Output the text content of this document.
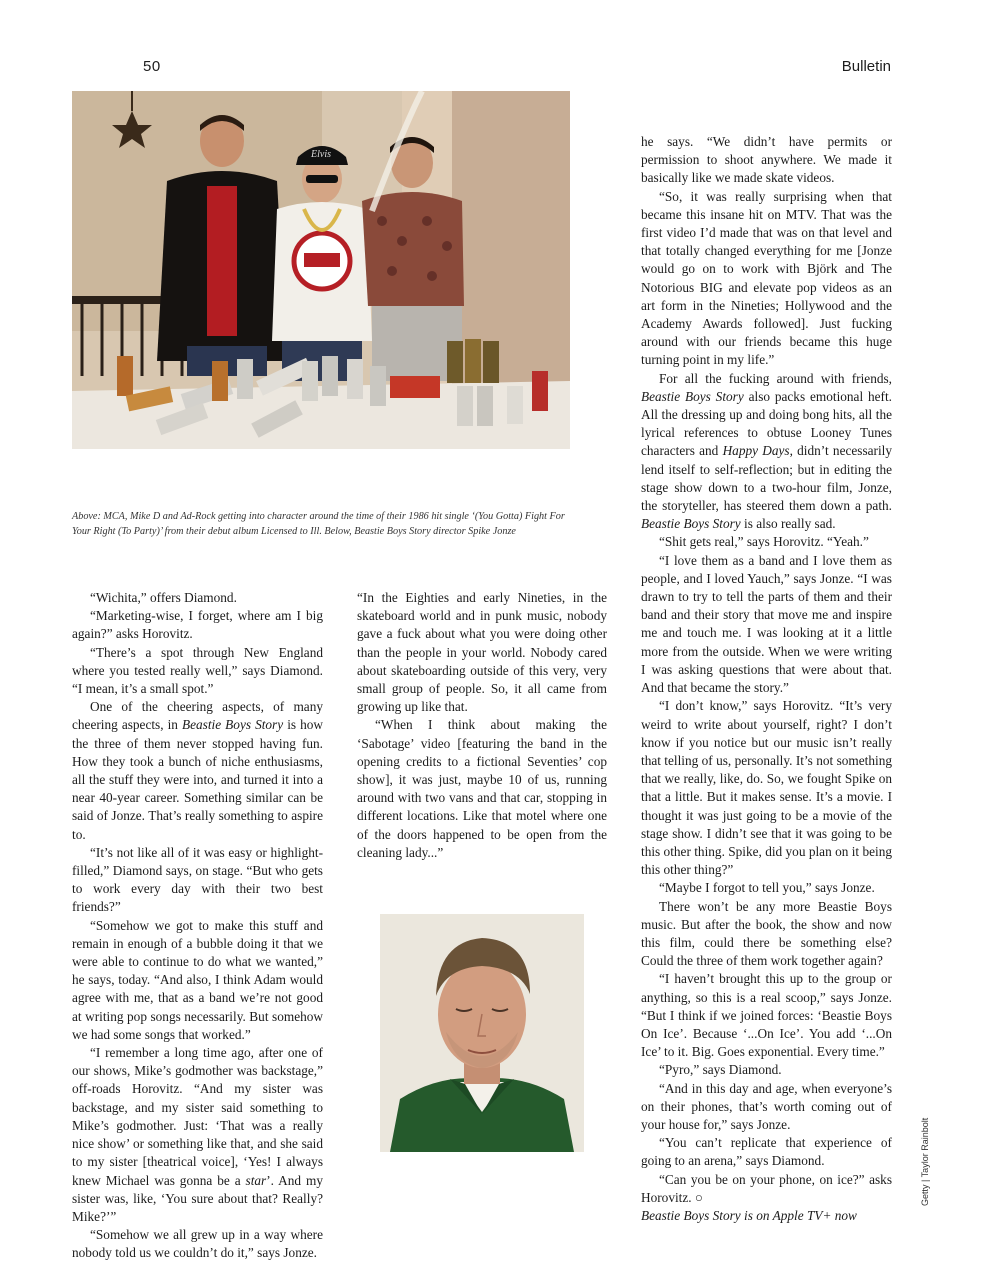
50	Bulletin
Elvis
Above: MCA, Mike D and Ad-Rock getting into character around the time of their 1986 hit single ‘(You Gotta) Fight For Your Right (To Party)’ from their debut album Licensed to Ill. Below, Beastie Boys Story director Spike Jonze

“Wichita,” offers Diamond.

“Marketing-wise, I forget, where am I big again?” asks Horovitz.

“There’s a spot through New England where you tested really well,” says Diamond. “I mean, it’s a small spot.”

One of the cheering aspects, of many cheering aspects, in Beastie Boys Story is how the three of them never stopped having fun. How they took a bunch of niche enthusiasms, all the stuff they were into, and turned it into a near 40-year career. Something similar can be said of Jonze. That’s really something to aspire to.

“It’s not like all of it was easy or highlight-filled,” Diamond says, on stage. “But who gets to work every day with their two best friends?”

“Somehow we got to make this stuff and remain in enough of a bubble doing it that we were able to continue to do what we wanted,” he says, today. “And also, I think Adam would agree with me, that as a band we’re not good at writing pop songs necessarily. But somehow we had some songs that worked.”

“I remember a long time ago, after one of our shows, Mike’s godmother was backstage,” off-roads Horovitz. “And my sister was backstage, and my sister said something to Mike’s godmother. Just: ‘That was a really nice show’ or something like that, and she said to my sister [theatrical voice], ‘Yes! I always knew Michael was gonna be a star’. And my sister was, like, ‘You sure about that? Really? Mike?’”

“Somehow we all grew up in a way where nobody told us we couldn’t do it,” says Jonze.

“In the Eighties and early Nineties, in the skateboard world and in punk music, nobody gave a fuck about what you were doing other than the people in your world. Nobody cared about skateboarding outside of this very, very small group of people. So, it all came from growing up like that.

“When I think about making the ‘Sabotage’ video [featuring the band in the opening credits to a fictional Seventies’ cop show], it was just, maybe 10 of us, running around with two vans and that car, stopping in different locations. Like that motel where one of the doors happened to be open from the cleaning lady...”

he says. “We didn’t have permits or permission to shoot anywhere. We made it basically like we made skate videos.

“So, it was really surprising when that became this insane hit on MTV. That was the first video I’d made that was on that level and that totally changed everything for me [Jonze would go on to work with Björk and The Notorious BIG and elevate pop videos as an art form in the Nineties; Hollywood and the Academy Awards followed]. Just fucking around with our friends became this huge turning point in my life.”

For all the fucking around with friends, Beastie Boys Story also packs emotional heft. All the dressing up and doing bong hits, all the lyrical references to obtuse Looney Tunes characters and Happy Days, didn’t necessarily lend itself to self-reflection; but in editing the stage show down to a two-hour film, Jonze, the storyteller, has steered them down a path. Beastie Boys Story is also really sad.

“Shit gets real,” says Horovitz. “Yeah.”

“I love them as a band and I love them as people, and I loved Yauch,” says Jonze. “I was drawn to try to tell the parts of them and their band and their story that move me and inspire me and touch me. I was looking at it a little more from the outside. When we were writing I was asking questions that were about that. And that became the story.”

“I don’t know,” says Horovitz. “It’s very weird to write about yourself, right? I don’t know if you notice but our music isn’t really that telling of us, personally. It’s not something that we really, like, do. So, we fought Spike on that a little. But it makes sense. It’s a movie. I thought it was just going to be a movie of the stage show. I didn’t see that it was going to be this other thing. Spike, did you plan on it being this other thing?”

“Maybe I forgot to tell you,” says Jonze.

There won’t be any more Beastie Boys music. But after the book, the show and now this film, could there be something else? Could the three of them work together again?

“I haven’t brought this up to the group or anything, so this is a real scoop,” says Jonze. “But I think if we joined forces: ‘Beastie Boys On Ice’. Because ‘...On Ice’. You add ‘...On Ice’ to it. Big. Goes exponential. Every time.”

“Pyro,” says Diamond.

“And in this day and age, when everyone’s on their phones, that’s worth coming out of your house for,” says Jonze.

“You can’t replicate that experience of going to an arena,” says Diamond.

“Can you be on your phone, on ice?” asks Horovitz. ○

Beastie Boys Story is on Apple TV+ now

Getty | Taylor Rainbolt
